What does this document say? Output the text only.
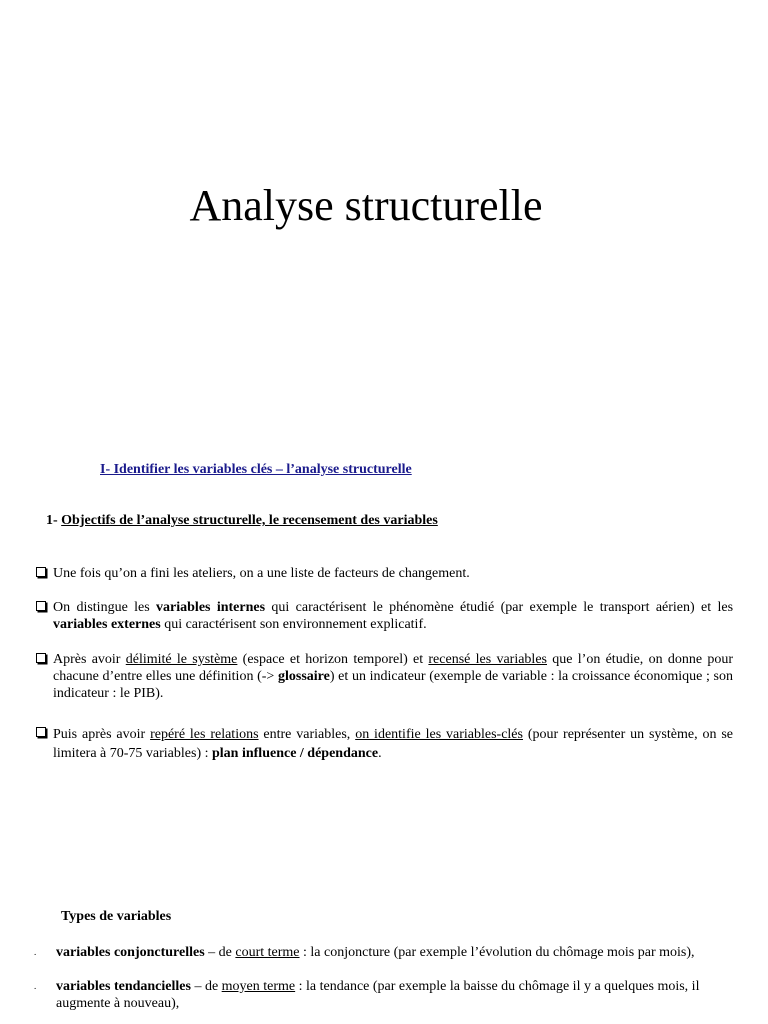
Analyse structurelle
I- Identifier les variables clés – l’analyse structurelle
1- Objectifs de l’analyse structurelle, le recensement des variables
Une fois qu’on a fini les ateliers, on a une liste de facteurs de changement.
On distingue les variables internes qui caractérisent le phénomène étudié (par exemple le transport aérien) et les variables externes qui caractérisent son environnement explicatif.
Après avoir délimité le système (espace et horizon temporel) et recensé les variables que l’on étudie, on donne pour chacune d’entre elles une définition (-> glossaire) et un indicateur (exemple de variable : la croissance économique ; son indicateur : le PIB).
Puis après avoir repéré les relations entre variables, on identifie les variables-clés (pour représenter un système, on se limitera à 70-75 variables) : plan influence / dépendance.
Types de variables
. variables conjoncturelles – de court terme : la conjoncture (par exemple l’évolution du chômage mois par mois),
. variables tendancielles – de moyen terme : la tendance (par exemple la baisse du chômage il y a quelques mois, il augmente à nouveau),
